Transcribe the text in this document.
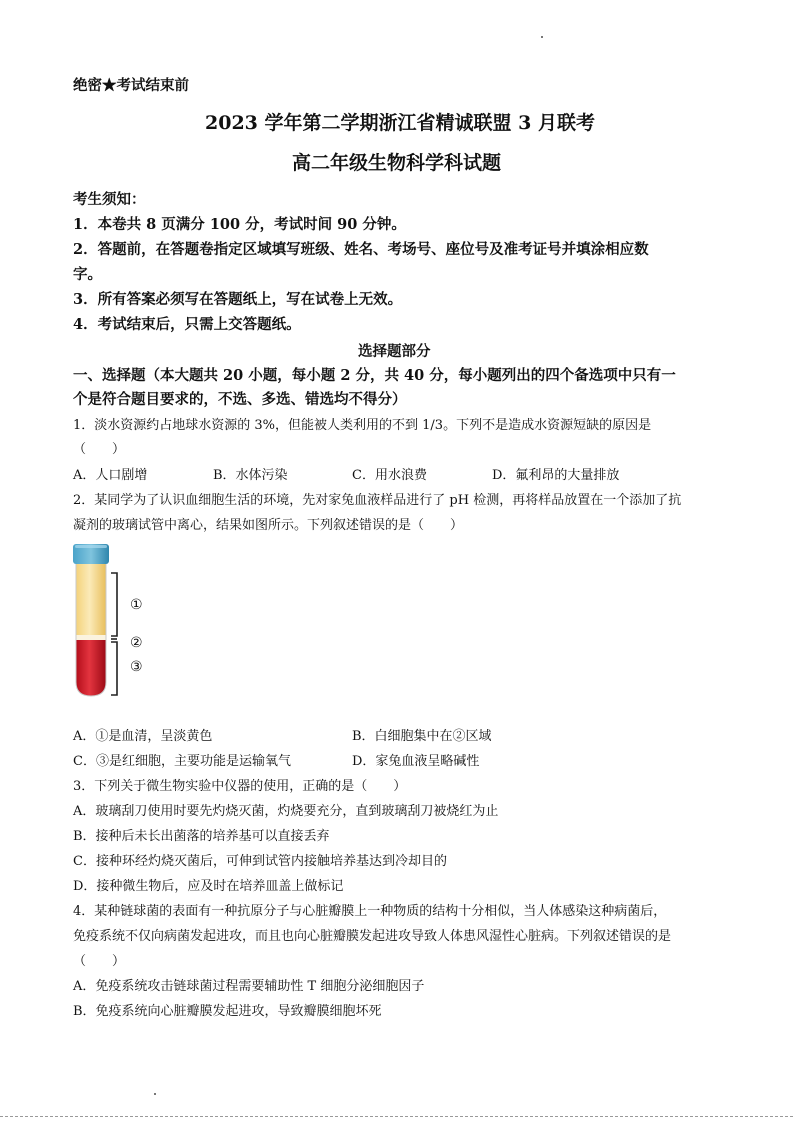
绝密★考试结束前
2023 学年第二学期浙江省精诚联盟 3 月联考
高二年级生物科学科试题
考生须知：
1．本卷共 8 页满分 100 分，考试时间 90 分钟。
2．答题前，在答题卷指定区域填写班级、姓名、考场号、座位号及准考证号并填涂相应数
字。
3．所有答案必须写在答题纸上，写在试卷上无效。
4．考试结束后，只需上交答题纸。
选择题部分
一、选择题（本大题共 20 小题，每小题 2 分，共 40 分，每小题列出的四个备选项中只有一
个是符合题目要求的，不选、多选、错选均不得分）
1．淡水资源约占地球水资源的 3%，但能被人类利用的不到 1/3。下列不是造成水资源短缺的原因是
（　　）
A．人口剧增	B．水体污染	C．用水浪费	D．氟利昂的大量排放
2．某同学为了认识血细胞生活的环境，先对家兔血液样品进行了 pH 检测，再将样品放置在一个添加了抗
凝剂的玻璃试管中离心，结果如图所示。下列叙述错误的是（　　）
①
②
③
A．①是血清，呈淡黄色	B．白细胞集中在②区域
C．③是红细胞，主要功能是运输氧气	D．家兔血液呈略碱性
3．下列关于微生物实验中仪器的使用，正确的是（　　）
A．玻璃刮刀使用时要先灼烧灭菌，灼烧要充分，直到玻璃刮刀被烧红为止
B．接种后未长出菌落的培养基可以直接丢弃
C．接种环经灼烧灭菌后，可伸到试管内接触培养基达到冷却目的
D．接种微生物后，应及时在培养皿盖上做标记
4．某种链球菌的表面有一种抗原分子与心脏瓣膜上一种物质的结构十分相似，当人体感染这种病菌后，
免疫系统不仅向病菌发起进攻，而且也向心脏瓣膜发起进攻导致人体患风湿性心脏病。下列叙述错误的是
（　　）
A．免疫系统攻击链球菌过程需要辅助性 T 细胞分泌细胞因子
B．免疫系统向心脏瓣膜发起进攻，导致瓣膜细胞坏死
